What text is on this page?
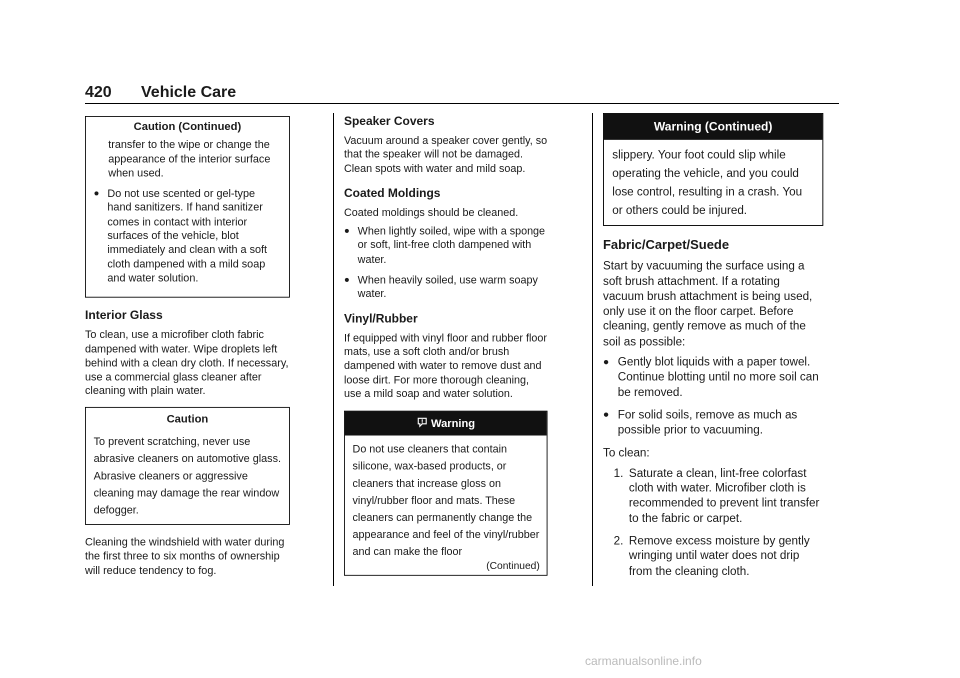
420 Vehicle Care
Caution (Continued)
transfer to the wipe or change the appearance of the interior surface when used.
● Do not use scented or gel-type hand sanitizers. If hand sanitizer comes in contact with interior surfaces of the vehicle, blot immediately and clean with a soft cloth dampened with a mild soap and water solution.
Interior Glass

To clean, use a microfiber cloth fabric dampened with water. Wipe droplets left behind with a clean dry cloth. If necessary, use a commercial glass cleaner after cleaning with plain water.

Caution

To prevent scratching, never use abrasive cleaners on automotive glass. Abrasive cleaners or aggressive cleaning may damage the rear window defogger.

Cleaning the windshield with water during the first three to six months of ownership will reduce tendency to fog.

Speaker Covers

Vacuum around a speaker cover gently, so that the speaker will not be damaged. Clean spots with water and mild soap.

Coated Moldings

Coated moldings should be cleaned.

● When lightly soiled, wipe with a sponge or soft, lint-free cloth dampened with water.
● When heavily soiled, use warm soapy water.
Vinyl/Rubber

If equipped with vinyl floor and rubber floor mats, use a soft cloth and/or brush dampened with water to remove dust and loose dirt. For more thorough cleaning, use a mild soap and water solution.

Warning

Do not use cleaners that contain silicone, wax-based products, or cleaners that increase gloss on vinyl/rubber floor and mats. These cleaners can permanently change the appearance and feel of the vinyl/rubber and can make the floor

(Continued)
Warning (Continued)

slippery. Your foot could slip while operating the vehicle, and you could lose control, resulting in a crash. You or others could be injured.

Fabric/Carpet/Suede

Start by vacuuming the surface using a soft brush attachment. If a rotating vacuum brush attachment is being used, only use it on the floor carpet. Before cleaning, gently remove as much of the soil as possible:

● Gently blot liquids with a paper towel. Continue blotting until no more soil can be removed.
● For solid soils, remove as much as possible prior to vacuuming.

To clean:

1. Saturate a clean, lint-free colorfast cloth with water. Microfiber cloth is recommended to prevent lint transfer to the fabric or carpet.
2. Remove excess moisture by gently wringing until water does not drip from the cleaning cloth.
carmanualsonline.info
